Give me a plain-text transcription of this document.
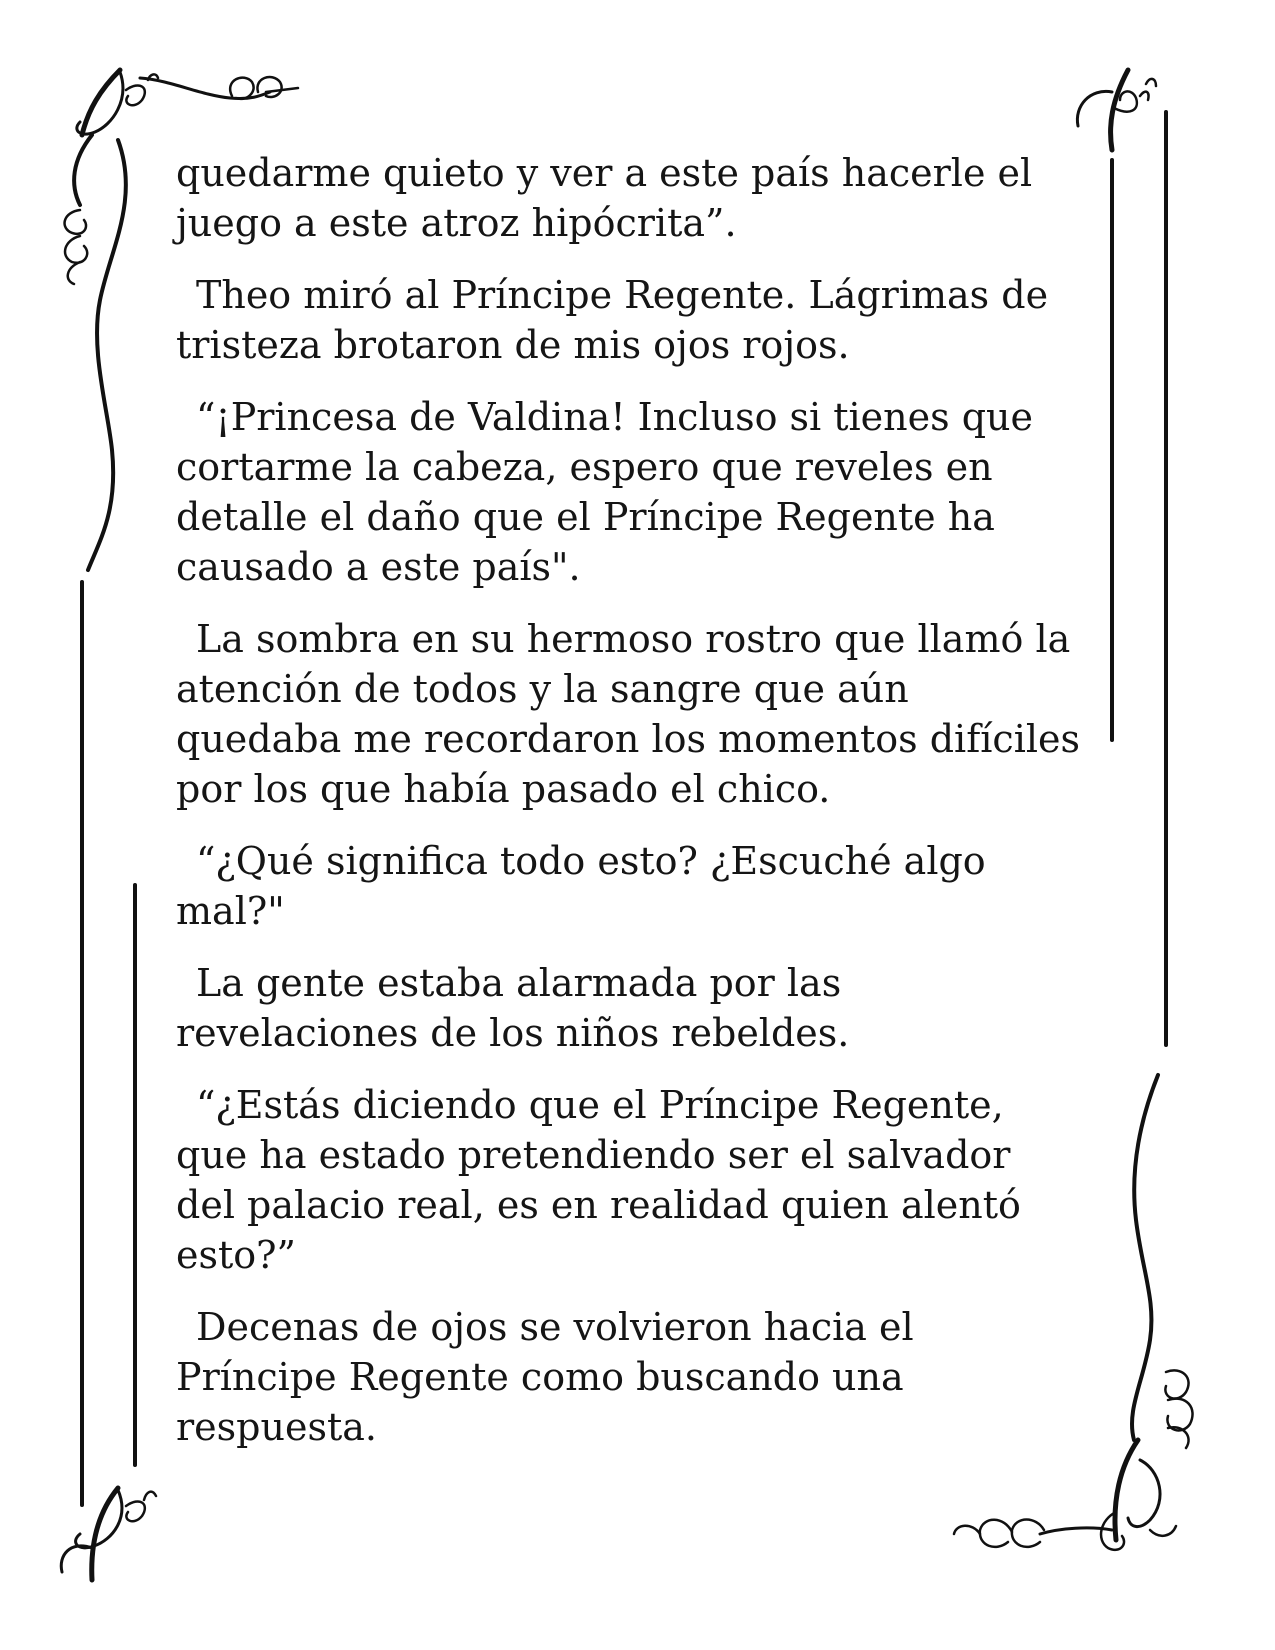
quedarme quieto y ver a este país hacerle el juego a este atroz hipócrita”.

Theo miró al Príncipe Regente. Lágrimas de tristeza brotaron de mis ojos rojos.

“¡Princesa de Valdina! Incluso si tienes que cortarme la cabeza, espero que reveles en detalle el daño que el Príncipe Regente ha causado a este país".

La sombra en su hermoso rostro que llamó la atención de todos y la sangre que aún quedaba me recordaron los momentos difíciles por los que había pasado el chico.

“¿Qué significa todo esto? ¿Escuché algo mal?"

La gente estaba alarmada por las revelaciones de los niños rebeldes.

“¿Estás diciendo que el Príncipe Regente, que ha estado pretendiendo ser el salvador del palacio real, es en realidad quien alentó esto?”

Decenas de ojos se volvieron hacia el Príncipe Regente como buscando una respuesta.
